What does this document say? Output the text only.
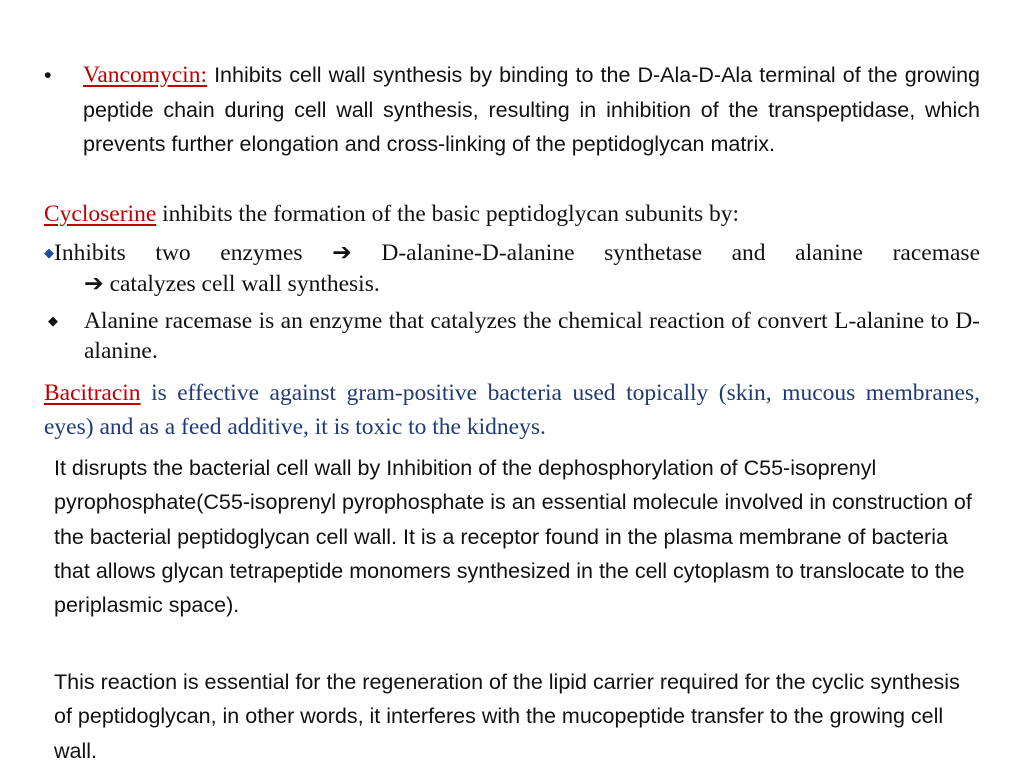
•	Vancomycin: Inhibits cell wall synthesis by binding to the D-Ala-D-Ala terminal of the growing peptide chain during cell wall synthesis, resulting in inhibition of the transpeptidase, which prevents further elongation and cross-linking of the peptidoglycan matrix.
Cycloserine inhibits the formation of the basic peptidoglycan subunits by:
◆Inhibits two enzymes ➔ D-alanine-D-alanine synthetase and alanine racemase
➔ catalyzes cell wall synthesis.
◆ Alanine racemase is an enzyme that catalyzes the chemical reaction of convert L-alanine to D-alanine.
Bacitracin is effective against gram-positive bacteria used topically (skin, mucous membranes, eyes) and as a feed additive, it is toxic to the kidneys.
It disrupts the bacterial cell wall by Inhibition of the dephosphorylation of C55-isoprenyl pyrophosphate(C55-isoprenyl pyrophosphate is an essential molecule involved in construction of the bacterial peptidoglycan cell wall. It is a receptor found in the plasma membrane of bacteria that allows glycan tetrapeptide monomers synthesized in the cell cytoplasm to translocate to the periplasmic space).
This reaction is essential for the regeneration of the lipid carrier required for the cyclic synthesis of peptidoglycan, in other words, it interferes with the mucopeptide transfer to the growing cell wall.
